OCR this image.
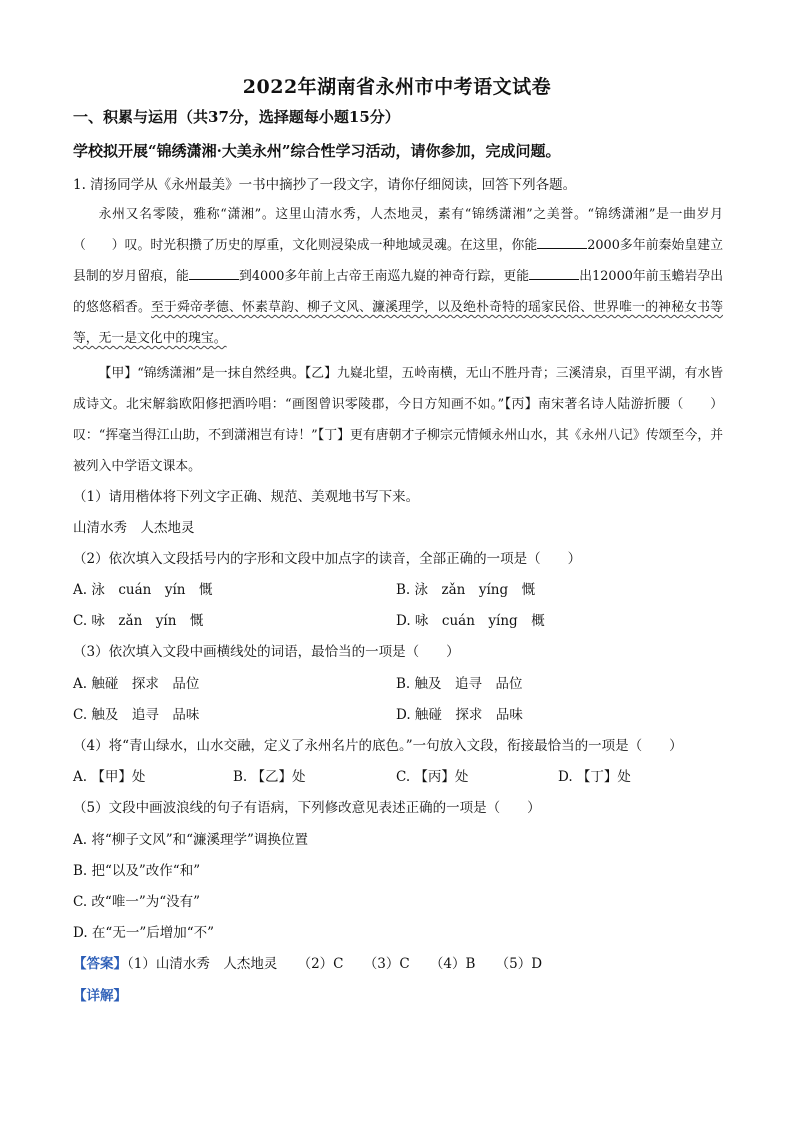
2022年湖南省永州市中考语文试卷
一、积累与运用（共37分，选择题每小题15分）
学校拟开展“锦绣潇湘·大美永州”综合性学习活动，请你参加，完成问题。
1. 清扬同学从《永州最美》一书中摘抄了一段文字，请你仔细阅读，回答下列各题。

永州又名零陵，雅称“潇湘”。这里山清水秀，人杰地灵，素有“锦绣潇湘”之美誉。“锦绣潇湘”是一曲岁月（　　）叹。时光积攒了历史的厚重，文化则浸染成一种地域灵魂。在这里，你能	2000多年前秦始皇建立县制的岁月留痕，能	到4000多年前上古帝王南巡九嶷的神奇行踪，更能	出12000年前玉蟾岩孕出的悠悠稻香。至于舜帝孝德、怀素草韵、柳子文风、濂溪理学，以及绝朴奇特的瑶家民俗、世界唯一的神秘女书等等，无一是文化中的瑰宝。

【甲】“锦绣潇湘”是一抹自然经典。【乙】九嶷北望，五岭南横，无山不胜丹青；三溪清泉，百里平湖，有水皆成诗文。北宋解翁欧阳修把酒吟唱：“画图曾识零陵郡，今日方知画不如。”【丙】南宋著名诗人陆游折腰（　　）叹：“挥毫当得江山助，不到潇湘岂有诗！”【丁】更有唐朝才子柳宗元情倾永州山水，其《永州八记》传颂至今，并被列入中学语文课本。

（1）请用楷体将下列文字正确、规范、美观地书写下来。
山清水秀　人杰地灵
（2）依次填入文段括号内的字形和文段中加点字的读音，全部正确的一项是（　　）
A. 泳　cuán　yín　慨	B. 泳　zǎn　yíng　慨
C. 咏　zǎn　yín　慨	D. 咏　cuán　yíng　概
（3）依次填入文段中画横线处的词语，最恰当的一项是（　　）
A. 触碰　探求　品位	B. 触及　追寻　品位
C. 触及　追寻　品味	D. 触碰　探求　品味
（4）将“青山绿水，山水交融，定义了永州名片的底色。”一句放入文段，衔接最恰当的一项是（　　）
A. 【甲】处	B. 【乙】处	C. 【丙】处	D. 【丁】处
（5）文段中画波浪线的句子有语病，下列修改意见表述正确的一项是（　　）
A. 将“柳子文风”和“濂溪理学”调换位置
B. 把“以及”改作“和”
C. 改“唯一”为“没有”
D. 在“无一”后增加“不”
【答案】（1）山清水秀　人杰地灵　　（2）C　　（3）C　　（4）B　　（5）D
【详解】
